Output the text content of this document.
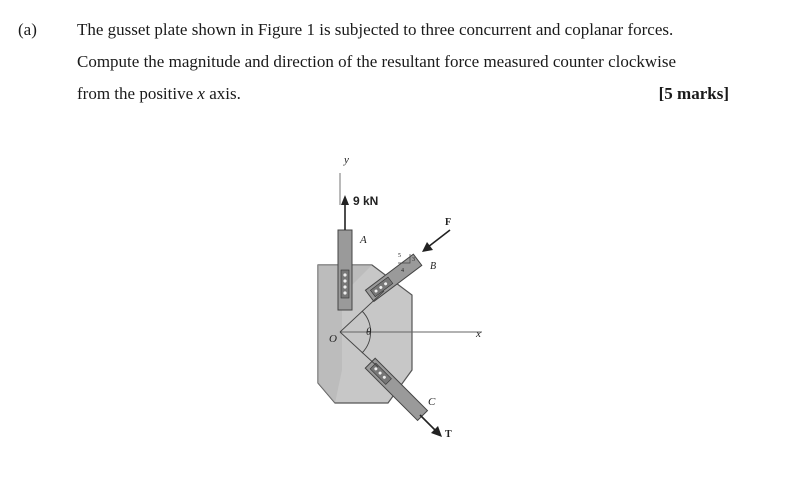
(a) The gusset plate shown in Figure 1 is subjected to three concurrent and coplanar forces.
Compute the magnitude and direction of the resultant force measured counter clockwise
from the positive x axis.	[5 marks]
y
9 kN
A
F
B
3
4
5
O
θ	x
C
T
